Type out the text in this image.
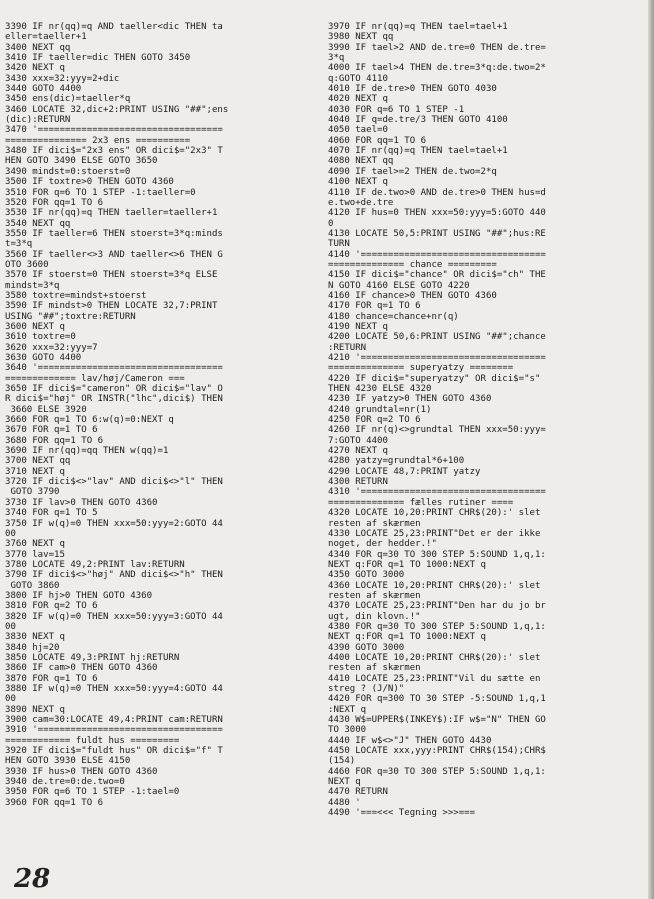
3390 IF nr(qq)=q AND taeller<dic THEN ta
eller=taeller+1
3400 NEXT qq
3410 IF taeller=dic THEN GOTO 3450
3420 NEXT q
3430 xxx=32:yyy=2+dic
3440 GOTO 4400
3450 ens(dic)=taeller*q
3460 LOCATE 32,dic+2:PRINT USING "##";ens
(dic):RETURN
3470 '==================================
=============== 2x3 ens ==========
3480 IF dici$="2x3 ens" OR dici$="2x3" T
HEN GOTO 3490 ELSE GOTO 3650
3490 mindst=0:stoerst=0
3500 IF toxtre>0 THEN GOTO 4360
3510 FOR q=6 TO 1 STEP -1:taeller=0
3520 FOR qq=1 TO 6
3530 IF nr(qq)=q THEN taeller=taeller+1
3540 NEXT qq
3550 IF taeller=6 THEN stoerst=3*q:minds
t=3*q
3560 IF taeller<>3 AND taeller<>6 THEN G
OTO 3600
3570 IF stoerst=0 THEN stoerst=3*q ELSE
mindst=3*q
3580 toxtre=mindst+stoerst
3590 IF mindst>0 THEN LOCATE 32,7:PRINT
USING "##";toxtre:RETURN
3600 NEXT q
3610 toxtre=0
3620 xxx=32:yyy=7
3630 GOTO 4400
3640 '==================================
============= lav/høj/Cameron ===
3650 IF dici$="cameron" OR dici$="lav" O
R dici$="høj" OR INSTR("lhc",dici$) THEN
3660 ELSE 3920
3660 FOR q=1 TO 6:w(q)=0:NEXT q
3670 FOR q=1 TO 6
3680 FOR qq=1 TO 6
3690 IF nr(qq)=qq THEN w(qq)=1
3700 NEXT qq
3710 NEXT q
3720 IF dici$<>"lav" AND dici$<>"l" THEN
GOTO 3790
3730 IF lav>0 THEN GOTO 4360
3740 FOR q=1 TO 5
3750 IF w(q)=0 THEN xxx=50:yyy=2:GOTO 44
00
3760 NEXT q
3770 lav=15
3780 LOCATE 49,2:PRINT lav:RETURN
3790 IF dici$<>"høj" AND dici$<>"h" THEN
GOTO 3860
3800 IF hj>0 THEN GOTO 4360
3810 FOR q=2 TO 6
3820 IF w(q)=0 THEN xxx=50:yyy=3:GOTO 44
00
3830 NEXT q
3840 hj=20
3850 LOCATE 49,3:PRINT hj:RETURN
3860 IF cam>0 THEN GOTO 4360
3870 FOR q=1 TO 6
3880 IF w(q)=0 THEN xxx=50:yyy=4:GOTO 44
00
3890 NEXT q
3900 cam=30:LOCATE 49,4:PRINT cam:RETURN
3910 '==================================
============ fuldt hus =========
3920 IF dici$="fuldt hus" OR dici$="f" T
HEN GOTO 3930 ELSE 4150
3930 IF hus>0 THEN GOTO 4360
3940 de.tre=0:de.two=0
3950 FOR q=6 TO 1 STEP -1:tael=0
3960 FOR qq=1 TO 6
3970 IF nr(qq)=q THEN tael=tael+1
3980 NEXT qq
3990 IF tael>2 AND de.tre=0 THEN de.tre=
3*q
4000 IF tael>4 THEN de.tre=3*q:de.two=2*
q:GOTO 4110
4010 IF de.tre>0 THEN GOTO 4030
4020 NEXT q
4030 FOR q=6 TO 1 STEP -1
4040 IF q=de.tre/3 THEN GOTO 4100
4050 tael=0
4060 FOR qq=1 TO 6
4070 IF nr(qq)=q THEN tael=tael+1
4080 NEXT qq
4090 IF tael>=2 THEN de.two=2*q
4100 NEXT q
4110 IF de.two>0 AND de.tre>0 THEN hus=d
e.two+de.tre
4120 IF hus=0 THEN xxx=50:yyy=5:GOTO 440
0
4130 LOCATE 50,5:PRINT USING "##";hus:RE
TURN
4140 '==================================
============== chance =========
4150 IF dici$="chance" OR dici$="ch" THE
N GOTO 4160 ELSE GOTO 4220
4160 IF chance>0 THEN GOTO 4360
4170 FOR q=1 TO 6
4180 chance=chance+nr(q)
4190 NEXT q
4200 LOCATE 50,6:PRINT USING "##";chance
:RETURN
4210 '==================================
============== superyatzy ========
4220 IF dici$="superyatzy" OR dici$="s"
THEN 4230 ELSE 4320
4230 IF yatzy>0 THEN GOTO 4360
4240 grundtal=nr(1)
4250 FOR q=2 TO 6
4260 IF nr(q)<>grundtal THEN xxx=50:yyy=
7:GOTO 4400
4270 NEXT q
4280 yatzy=grundtal*6+100
4290 LOCATE 48,7:PRINT yatzy
4300 RETURN
4310 '==================================
============== fælles rutiner ====
4320 LOCATE 10,20:PRINT CHR$(20):' slet
resten af skærmen
4330 LOCATE 25,23:PRINT"Det er der ikke
noget, der hedder.!"
4340 FOR q=30 TO 300 STEP 5:SOUND 1,q,1:
NEXT q:FOR q=1 TO 1000:NEXT q
4350 GOTO 3000
4360 LOCATE 10,20:PRINT CHR$(20):' slet
resten af skærmen
4370 LOCATE 25,23:PRINT"Den har du jo br
ugt, din klovn.!"
4380 FOR q=30 TO 300 STEP 5:SOUND 1,q,1:
NEXT q:FOR q=1 TO 1000:NEXT q
4390 GOTO 3000
4400 LOCATE 10,20:PRINT CHR$(20):' slet
resten af skærmen
4410 LOCATE 25,23:PRINT"Vil du sætte en
streg ? (J/N)"
4420 FOR q=300 TO 30 STEP -5:SOUND 1,q,1
:NEXT q
4430 W$=UPPER$(INKEY$):IF w$="N" THEN GO
TO 3000
4440 IF w$<>"J" THEN GOTO 4430
4450 LOCATE xxx,yyy:PRINT CHR$(154);CHR$
(154)
4460 FOR q=30 TO 300 STEP 5:SOUND 1,q,1:
NEXT q
4470 RETURN
4480 '
4490 '===<<< Tegning >>>===
28
